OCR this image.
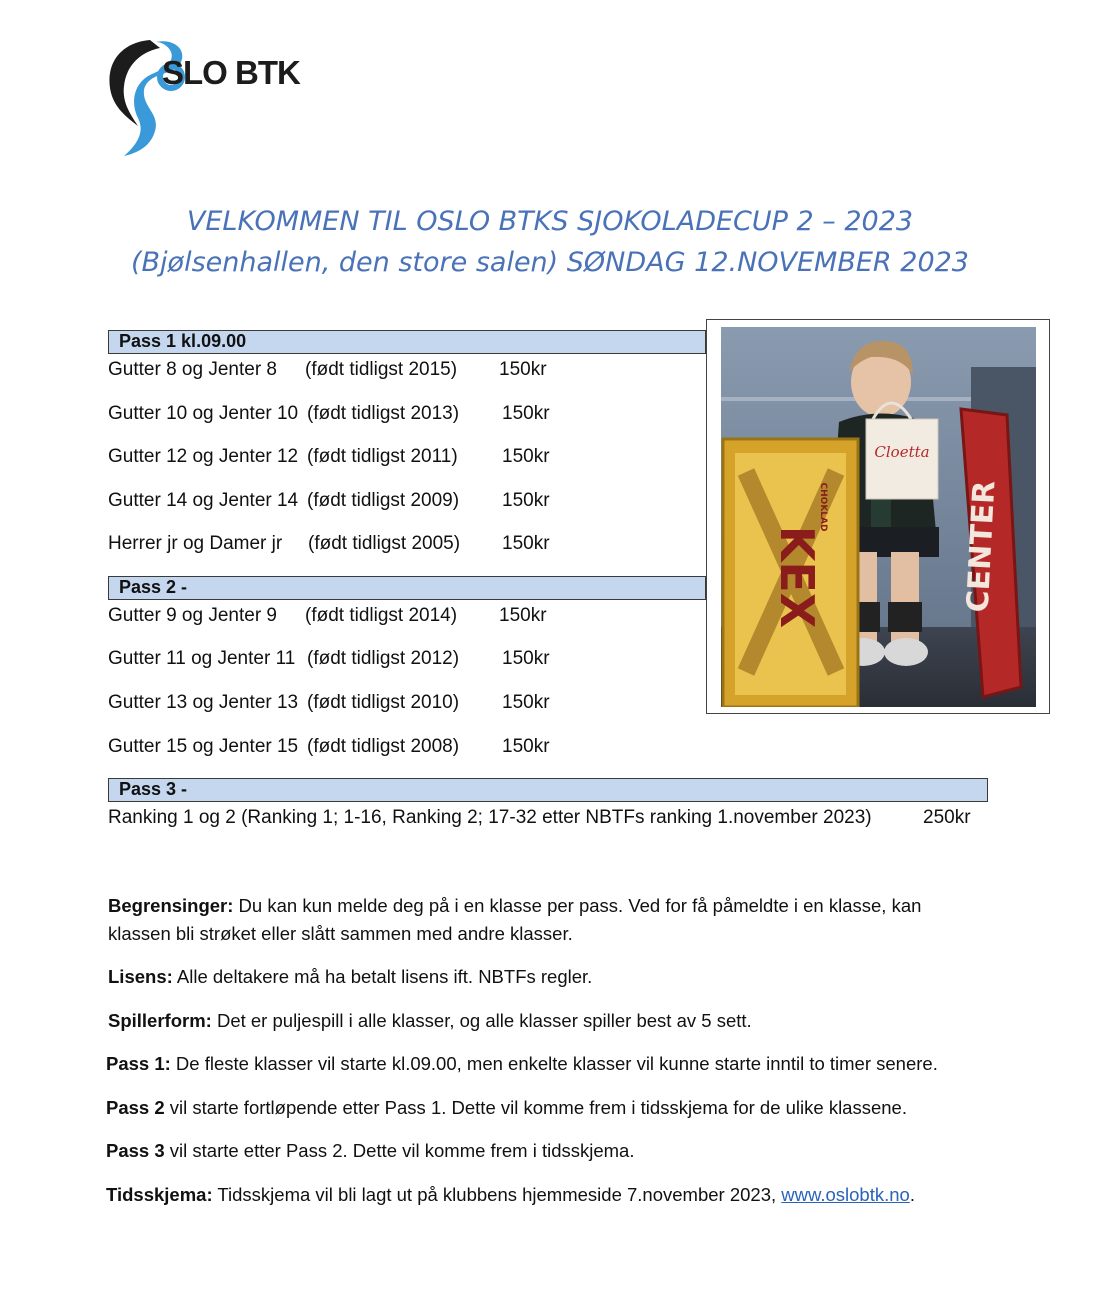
SLO BTK
VELKOMMEN TIL OSLO BTKS SJOKOLADECUP 2 – 2023
(Bjølsenhallen, den store salen) SØNDAG 12.NOVEMBER 2023
Pass 1 kl.09.00
Gutter 8 og Jenter 8 (født tidligst 2015) 150kr
Gutter 10 og Jenter 10 (født tidligst 2013) 150kr
Gutter 12 og Jenter 12 (født tidligst 2011) 150kr
Gutter 14 og Jenter 14 (født tidligst 2009) 150kr
Herrer jr og Damer jr (født tidligst 2005) 150kr
Pass 2 -
Gutter 9 og Jenter 9 (født tidligst 2014) 150kr
Gutter 11 og Jenter 11 (født tidligst 2012) 150kr
Gutter 13 og Jenter 13 (født tidligst 2010) 150kr
Gutter 15 og Jenter 15 (født tidligst 2008) 150kr
Pass 3 -
Ranking 1 og 2 (Ranking 1; 1-16, Ranking 2; 17-32 etter NBTFs ranking 1.november 2023)	250kr
Cloetta
KEX
CHOKLAD	CENTER
Begrensinger: Du kan kun melde deg på i en klasse per pass. Ved for få påmeldte i en klasse, kan
klassen bli strøket eller slått sammen med andre klasser.
Lisens: Alle deltakere må ha betalt lisens ift. NBTFs regler.
Spillerform: Det er puljespill i alle klasser, og alle klasser spiller best av 5 sett.
Pass 1: De fleste klasser vil starte kl.09.00, men enkelte klasser vil kunne starte inntil to timer senere.
Pass 2 vil starte fortløpende etter Pass 1. Dette vil komme frem i tidsskjema for de ulike klassene.
Pass 3 vil starte etter Pass 2. Dette vil komme frem i tidsskjema.
Tidsskjema: Tidsskjema vil bli lagt ut på klubbens hjemmeside 7.november 2023, www.oslobtk.no.
